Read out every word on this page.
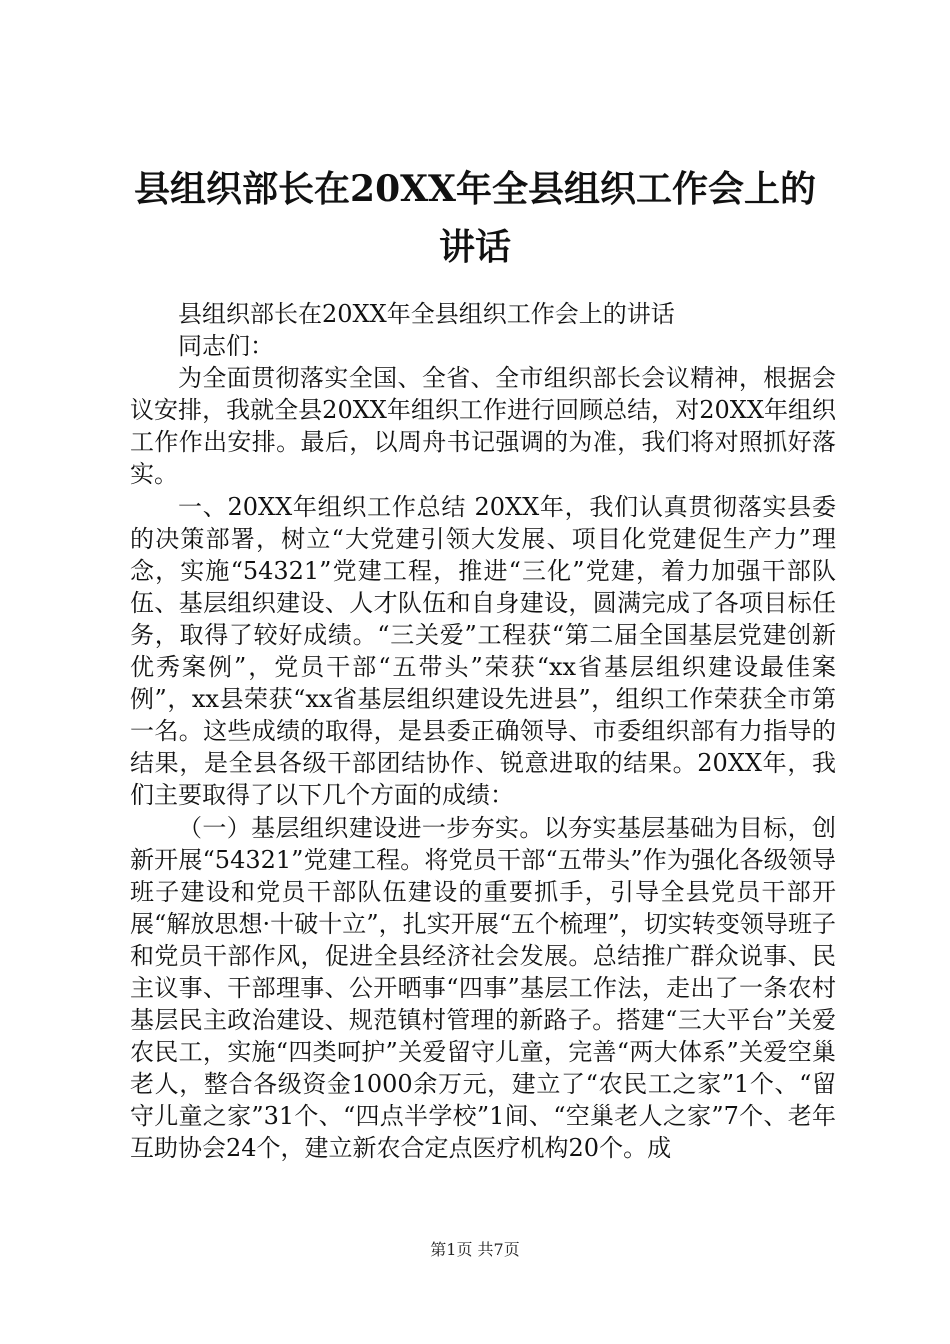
县组织部长在20XX年全县组织工作会上的讲话

县组织部长在20XX年全县组织工作会上的讲话

同志们：

为全面贯彻落实全国、全省、全市组织部长会议精神，根据会议安排，我就全县20XX年组织工作进行回顾总结，对20XX年组织工作作出安排。最后，以周舟书记强调的为准，我们将对照抓好落实。

一、20XX年组织工作总结 20XX年，我们认真贯彻落实县委的决策部署，树立“大党建引领大发展、项目化党建促生产力”理念，实施“54321”党建工程，推进“三化”党建，着力加强干部队伍、基层组织建设、人才队伍和自身建设，圆满完成了各项目标任务，取得了较好成绩。“三关爱”工程获“第二届全国基层党建创新优秀案例”，党员干部“五带头”荣获“xx省基层组织建设最佳案例”，xx县荣获“xx省基层组织建设先进县”，组织工作荣获全市第一名。这些成绩的取得，是县委正确领导、市委组织部有力指导的结果，是全县各级干部团结协作、锐意进取的结果。20XX年，我们主要取得了以下几个方面的成绩：

（一）基层组织建设进一步夯实。以夯实基层基础为目标，创新开展“54321”党建工程。将党员干部“五带头”作为强化各级领导班子建设和党员干部队伍建设的重要抓手，引导全县党员干部开展“解放思想·十破十立”，扎实开展“五个梳理”，切实转变领导班子和党员干部作风，促进全县经济社会发展。总结推广群众说事、民主议事、干部理事、公开晒事“四事”基层工作法，走出了一条农村基层民主政治建设、规范镇村管理的新路子。搭建“三大平台”关爱农民工，实施“四类呵护”关爱留守儿童，完善“两大体系”关爱空巢老人，整合各级资金1000余万元，建立了“农民工之家”1个、“留守儿童之家”31个、“四点半学校”1间、“空巢老人之家”7个、老年互助协会24个，建立新农合定点医疗机构20个。成

第1页 共7页
